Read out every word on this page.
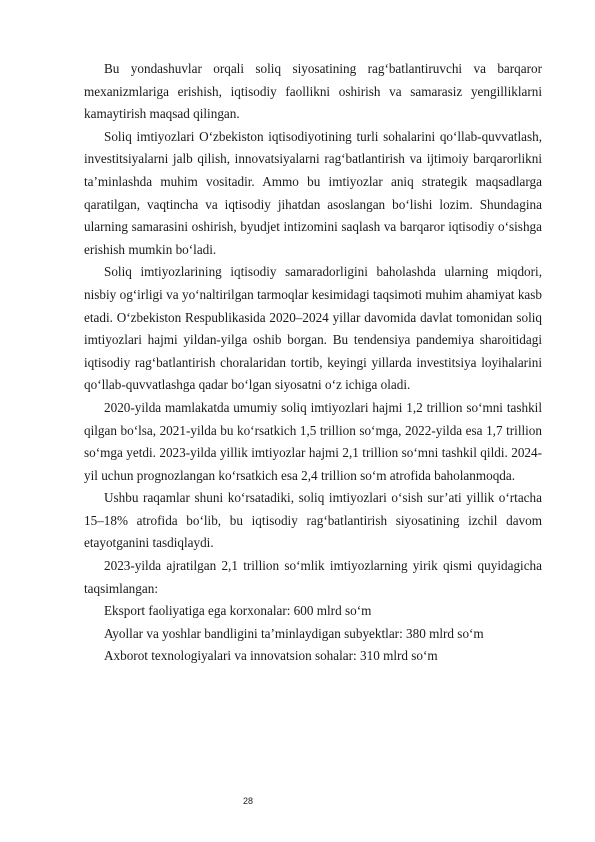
Bu yondashuvlar orqali soliq siyosatining rag‘batlantiruvchi va barqaror mexanizmlariga erishish, iqtisodiy faollikni oshirish va samarasiz yengilliklarni kamaytirish maqsad qilingan.

Soliq imtiyozlari O‘zbekiston iqtisodiyotining turli sohalarini qo‘llab-quvvatlash, investitsiyalarni jalb qilish, innovatsiyalarni rag‘batlantirish va ijtimoiy barqarorlikni ta’minlashda muhim vositadir. Ammo bu imtiyozlar aniq strategik maqsadlarga qaratilgan, vaqtincha va iqtisodiy jihatdan asoslangan bo‘lishi lozim. Shundagina ularning samarasini oshirish, byudjet intizomini saqlash va barqaror iqtisodiy o‘sishga erishish mumkin bo‘ladi.

Soliq imtiyozlarining iqtisodiy samaradorligini baholashda ularning miqdori, nisbiy og‘irligi va yo‘naltirilgan tarmoqlar kesimidagi taqsimoti muhim ahamiyat kasb etadi. O‘zbekiston Respublikasida 2020–2024 yillar davomida davlat tomonidan soliq imtiyozlari hajmi yildan-yilga oshib borgan. Bu tendensiya pandemiya sharoitidagi iqtisodiy rag‘batlantirish choralaridan tortib, keyingi yillarda investitsiya loyihalarini qo‘llab-quvvatlashga qadar bo‘lgan siyosatni o‘z ichiga oladi.

2020-yilda mamlakatda umumiy soliq imtiyozlari hajmi 1,2 trillion so‘mni tashkil qilgan bo‘lsa, 2021-yilda bu ko‘rsatkich 1,5 trillion so‘mga, 2022-yilda esa 1,7 trillion so‘mga yetdi. 2023-yilda yillik imtiyozlar hajmi 2,1 trillion so‘mni tashkil qildi. 2024-yil uchun prognozlangan ko‘rsatkich esa 2,4 trillion so‘m atrofida baholanmoqda.

Ushbu raqamlar shuni ko‘rsatadiki, soliq imtiyozlari o‘sish sur’ati yillik o‘rtacha 15–18% atrofida bo‘lib, bu iqtisodiy rag‘batlantirish siyosatining izchil davom etayotganini tasdiqlaydi.

2023-yilda ajratilgan 2,1 trillion so‘mlik imtiyozlarning yirik qismi quyidagicha taqsimlangan:

Eksport faoliyatiga ega korxonalar: 600 mlrd so‘m

Ayollar va yoshlar bandligini ta’minlaydigan subyektlar: 380 mlrd so‘m

Axborot texnologiyalari va innovatsion sohalar: 310 mlrd so‘m

28
